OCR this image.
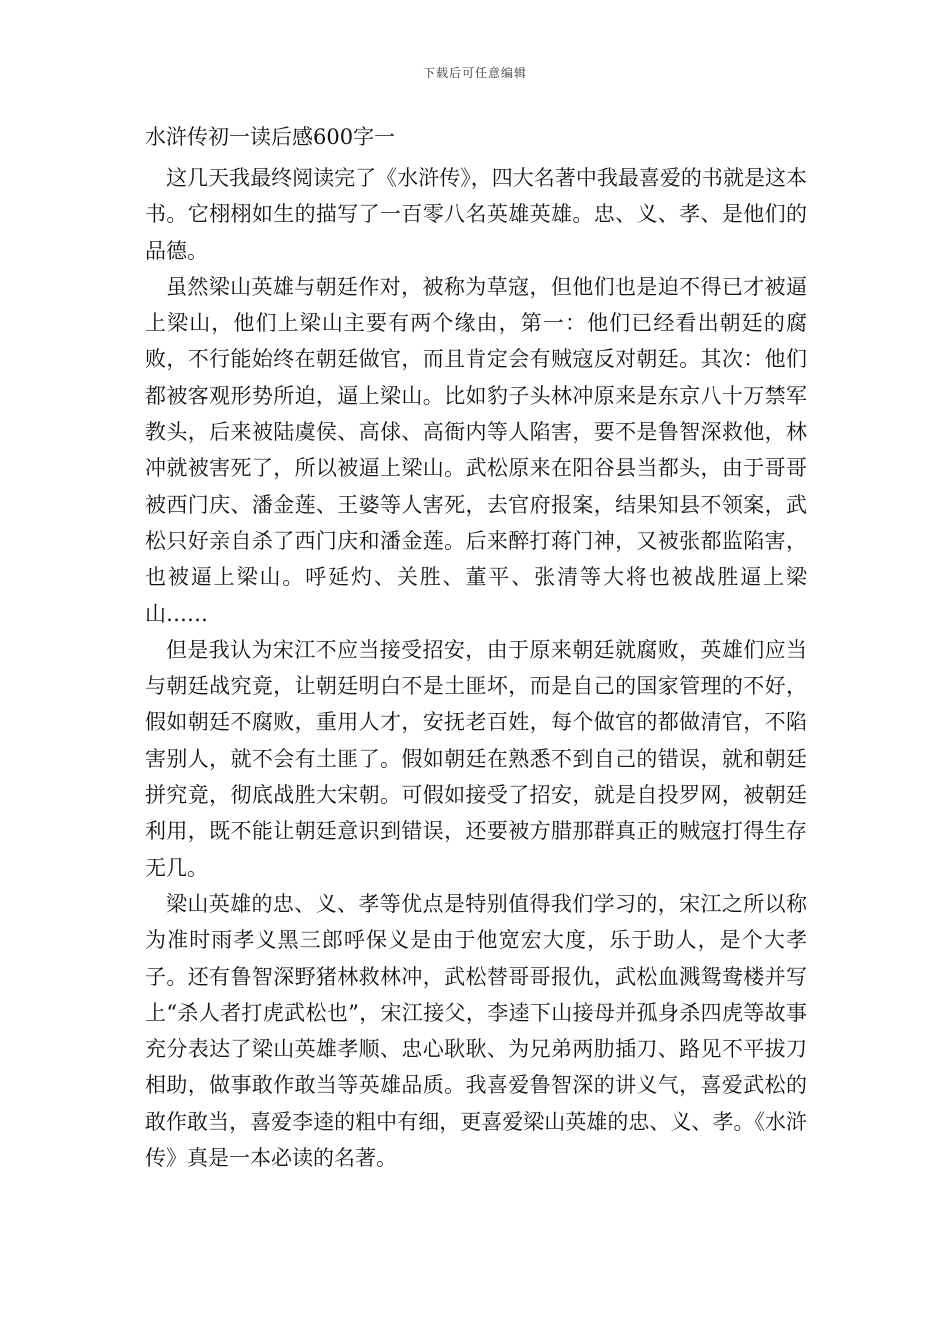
下载后可任意编辑
水浒传初一读后感600字一

这几天我最终阅读完了《水浒传》，四大名著中我最喜爱的书就是这本书。它栩栩如生的描写了一百零八名英雄英雄。忠、义、孝、是他们的品德。

虽然梁山英雄与朝廷作对，被称为草寇，但他们也是迫不得已才被逼上梁山，他们上梁山主要有两个缘由，第一：他们已经看出朝廷的腐败，不行能始终在朝廷做官，而且肯定会有贼寇反对朝廷。其次：他们都被客观形势所迫，逼上梁山。比如豹子头林冲原来是东京八十万禁军教头，后来被陆虞侯、高俅、高衙内等人陷害，要不是鲁智深救他，林冲就被害死了，所以被逼上梁山。武松原来在阳谷县当都头，由于哥哥被西门庆、潘金莲、王婆等人害死，去官府报案，结果知县不领案，武松只好亲自杀了西门庆和潘金莲。后来醉打蒋门神，又被张都监陷害，也被逼上梁山。呼延灼、关胜、董平、张清等大将也被战胜逼上梁山……

但是我认为宋江不应当接受招安，由于原来朝廷就腐败，英雄们应当与朝廷战究竟，让朝廷明白不是土匪坏，而是自己的国家管理的不好，假如朝廷不腐败，重用人才，安抚老百姓，每个做官的都做清官，不陷害别人，就不会有土匪了。假如朝廷在熟悉不到自己的错误，就和朝廷拼究竟，彻底战胜大宋朝。可假如接受了招安，就是自投罗网，被朝廷利用，既不能让朝廷意识到错误，还要被方腊那群真正的贼寇打得生存无几。

梁山英雄的忠、义、孝等优点是特别值得我们学习的，宋江之所以称为准时雨孝义黑三郎呼保义是由于他宽宏大度，乐于助人，是个大孝子。还有鲁智深野猪林救林冲，武松替哥哥报仇，武松血溅鸳鸯楼并写上“杀人者打虎武松也”，宋江接父，李逵下山接母并孤身杀四虎等故事充分表达了梁山英雄孝顺、忠心耿耿、为兄弟两肋插刀、路见不平拔刀相助，做事敢作敢当等英雄品质。我喜爱鲁智深的讲义气，喜爱武松的敢作敢当，喜爱李逵的粗中有细，更喜爱梁山英雄的忠、义、孝。《水浒传》真是一本必读的名著。
